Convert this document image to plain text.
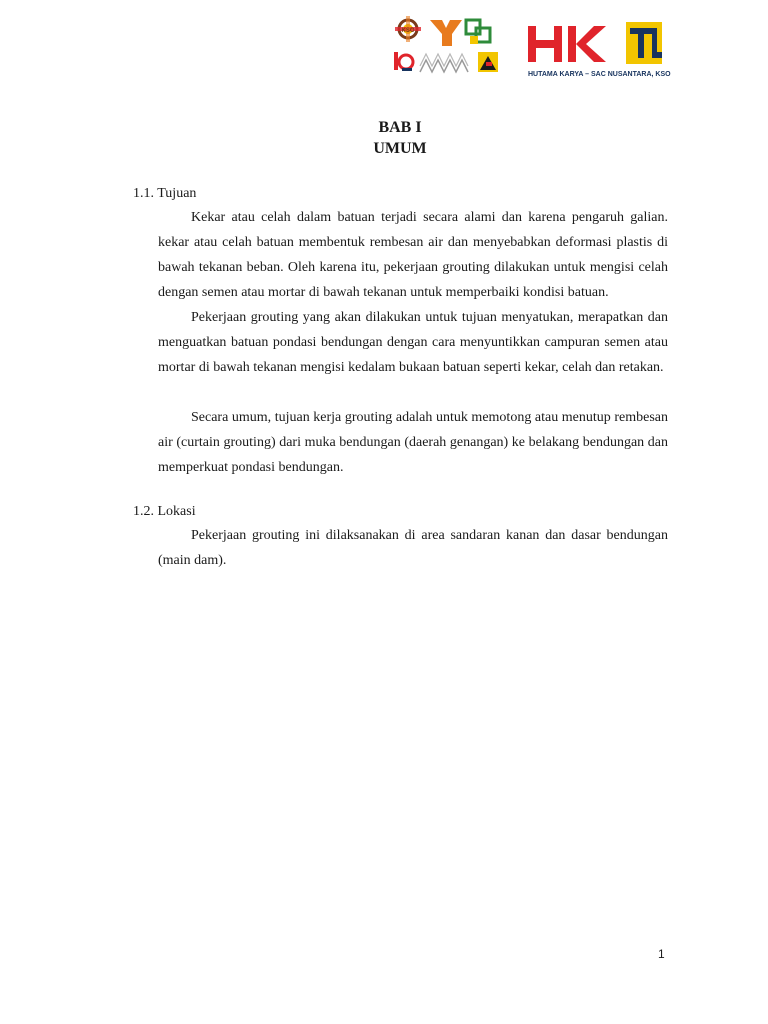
KSO
HUTAMA KARYA – SAC NUSANTARA, KSO
BAB I
UMUM
1.1. Tujuan

Kekar atau celah dalam batuan terjadi secara alami dan karena pengaruh galian. kekar atau celah batuan membentuk rembesan air dan menyebabkan deformasi plastis di bawah tekanan beban. Oleh karena itu, pekerjaan grouting dilakukan untuk mengisi celah dengan semen atau mortar di bawah tekanan untuk memperbaiki kondisi batuan.

Pekerjaan grouting yang akan dilakukan untuk tujuan menyatukan, merapatkan dan menguatkan batuan pondasi bendungan dengan cara menyuntikkan campuran semen atau mortar di bawah tekanan mengisi kedalam bukaan batuan seperti kekar, celah dan retakan.

Secara umum, tujuan kerja grouting adalah untuk memotong atau menutup rembesan air (curtain grouting) dari muka bendungan (daerah genangan) ke belakang bendungan dan memperkuat pondasi bendungan.

1.2. Lokasi

Pekerjaan grouting ini dilaksanakan di area sandaran kanan dan dasar bendungan (main dam).

1
